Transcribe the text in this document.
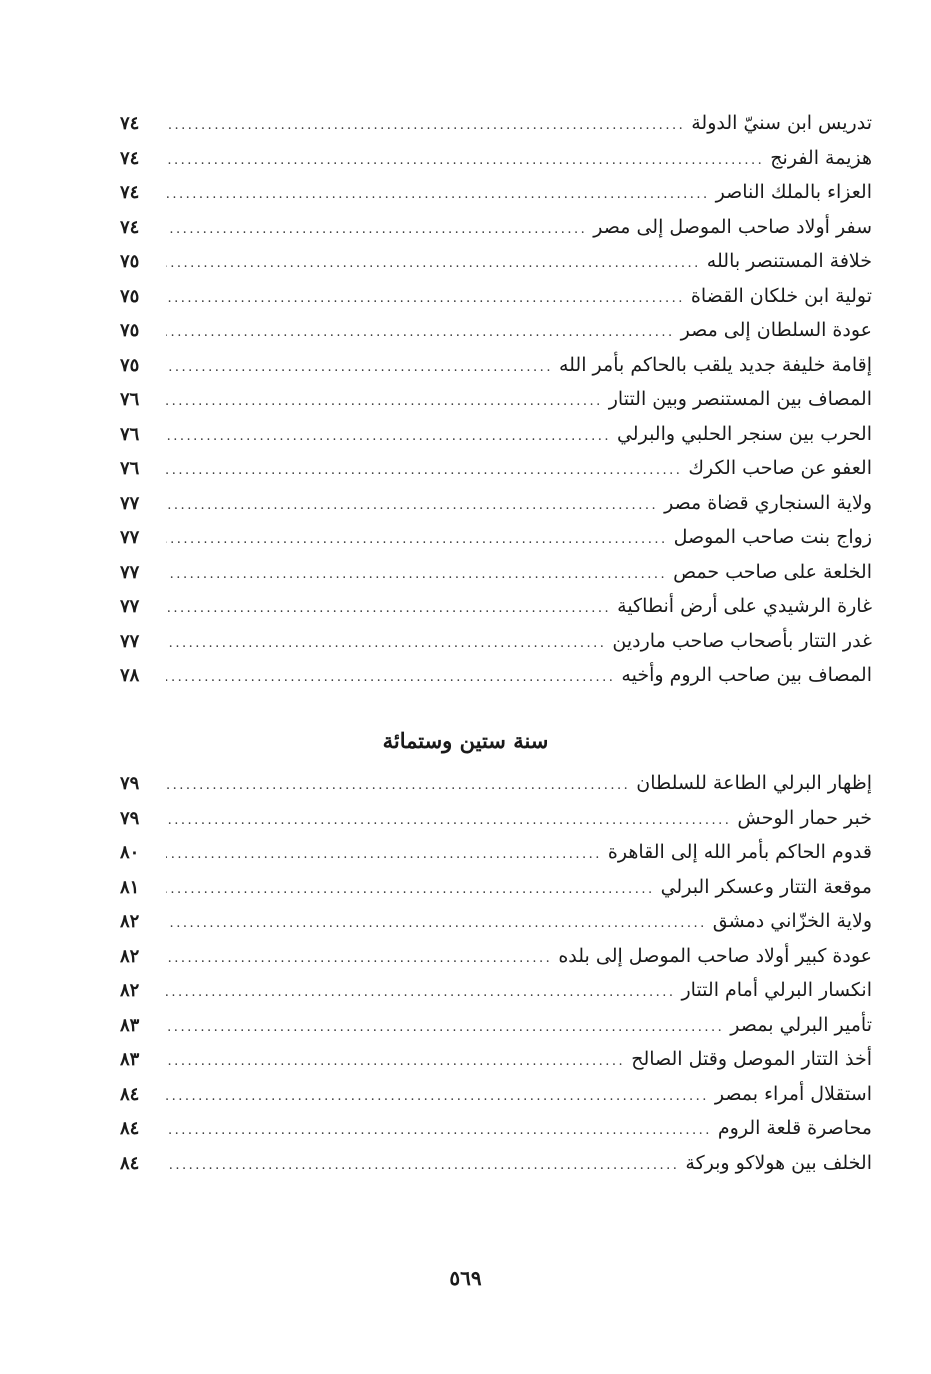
تدريس ابن سنيّ الدولة
.....
٧٤
هزيمة الفرنج
.....
٧٤
العزاء بالملك الناصر
.....
٧٤
سفر أولاد صاحب الموصل إلى مصر
.....
٧٤
خلافة المستنصر بالله
.....
٧٥
تولية ابن خلكان القضاة
.....
٧٥
عودة السلطان إلى مصر
.....
٧٥
إقامة خليفة جديد يلقب بالحاكم بأمر الله
.....
٧٥
المصاف بين المستنصر وبين التتار
.....
٧٦
الحرب بين سنجر الحلبي والبرلي
.....
٧٦
العفو عن صاحب الكرك
.....
٧٦
ولاية السنجاري قضاة مصر
.....
٧٧
زواج بنت صاحب الموصل
.....
٧٧
الخلعة على صاحب حمص
.....
٧٧
غارة الرشيدي على أرض أنطاكية
.....
٧٧
غدر التتار بأصحاب صاحب ماردين
.....
٧٧
المصاف بين صاحب الروم وأخيه
.....
٧٨
سنة ستين وستمائة
إظهار البرلي الطاعة للسلطان
.....
٧٩
خبر حمار الوحش
.....
٧٩
قدوم الحاكم بأمر الله إلى القاهرة
.....
٨٠
موقعة التتار وعسكر البرلي
.....
٨١
ولاية الخزّاني دمشق
.....
٨٢
عودة كبير أولاد صاحب الموصل إلى بلده
.....
٨٢
انكسار البرلي أمام التتار
.....
٨٢
تأمير البرلي بمصر
.....
٨٣
أخذ التتار الموصل وقتل الصالح
.....
٨٣
استقلال أمراء بمصر
.....
٨٤
محاصرة قلعة الروم
.....
٨٤
الخلف بين هولاكو وبركة
.....
٨٤
٥٦٩
